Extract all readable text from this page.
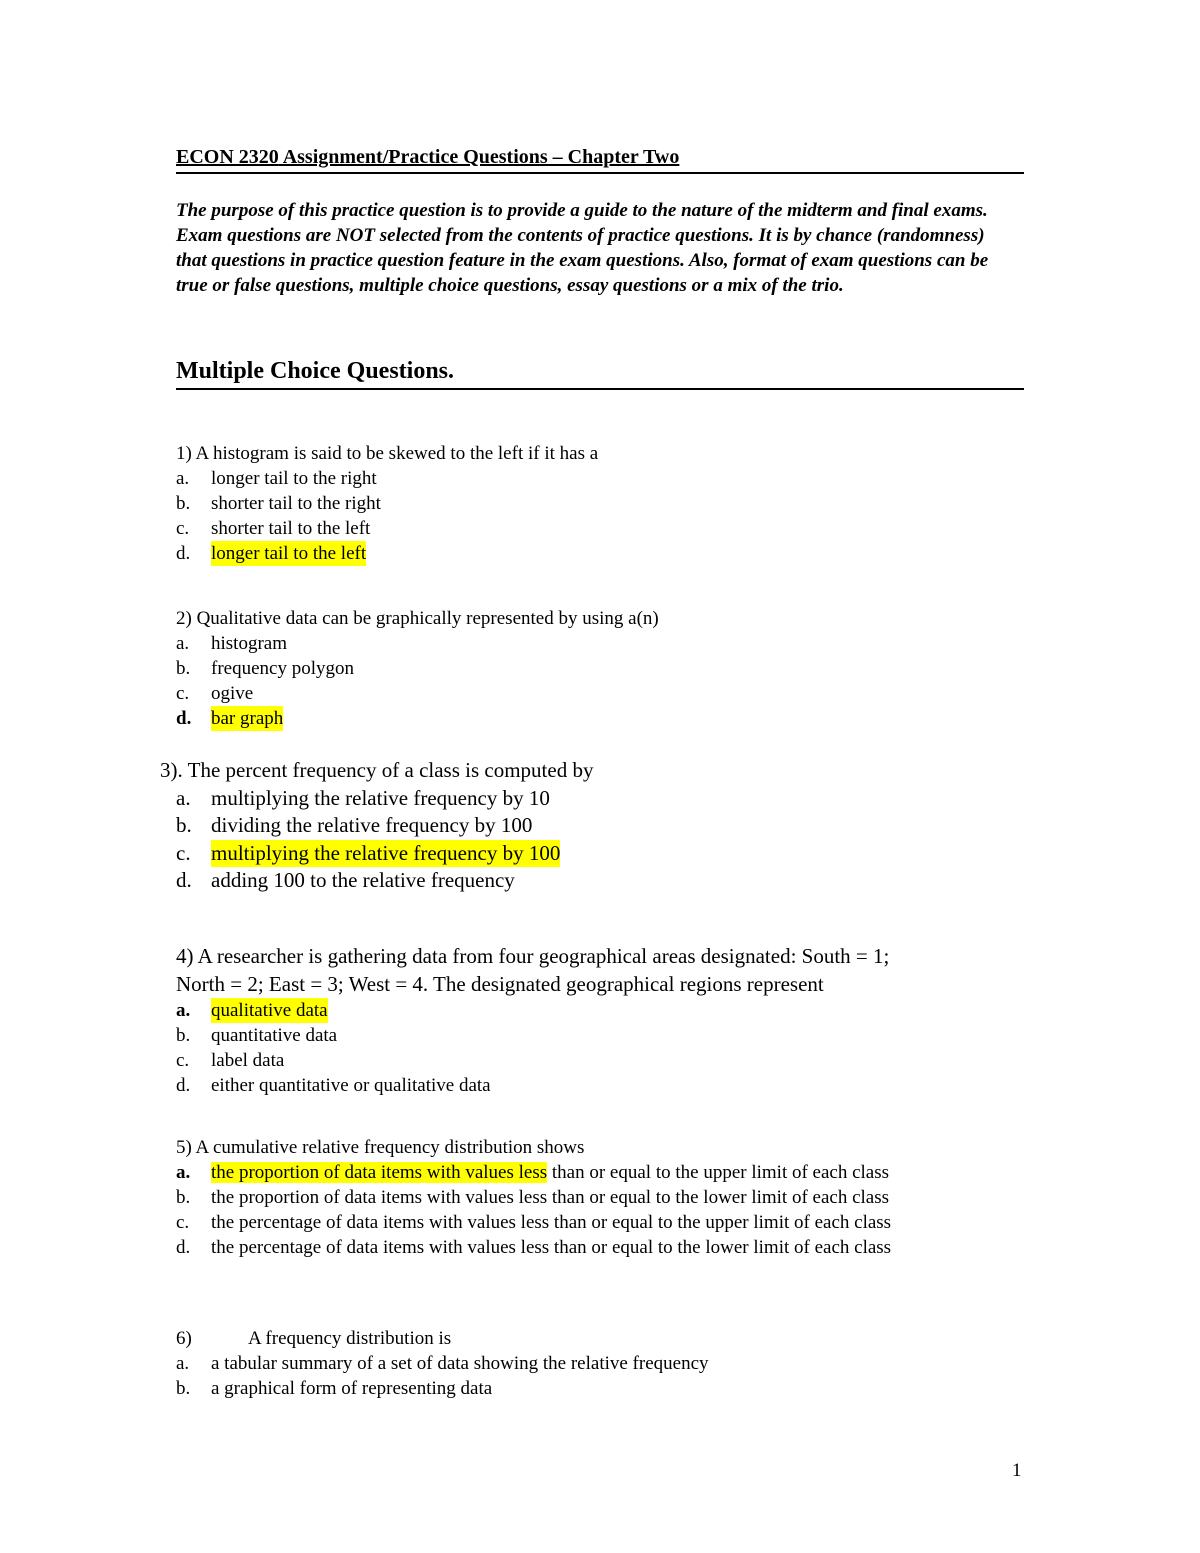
ECON 2320 Assignment/Practice Questions – Chapter Two
The purpose of this practice question is to provide a guide to the nature of the midterm and final exams. Exam questions are NOT selected from the contents of practice questions. It is by chance (randomness) that questions in practice question feature in the exam questions. Also, format of exam questions can be true or false questions, multiple choice questions, essay questions or a mix of the trio.
Multiple Choice Questions.
1) A histogram is said to be skewed to the left if it has a
a. longer tail to the right
b. shorter tail to the right
c. shorter tail to the left
d. longer tail to the left
2) Qualitative data can be graphically represented by using a(n)
a. histogram
b. frequency polygon
c. ogive
d. bar graph
3). The percent frequency of a class is computed by
a. multiplying the relative frequency by 10
b. dividing the relative frequency by 100
c. multiplying the relative frequency by 100
d. adding 100 to the relative frequency
4) A researcher is gathering data from four geographical areas designated: South = 1;
North = 2; East = 3; West = 4. The designated geographical regions represent
a. qualitative data
b. quantitative data
c. label data
d. either quantitative or qualitative data
5) A cumulative relative frequency distribution shows
a. the proportion of data items with values less than or equal to the upper limit of each class
b. the proportion of data items with values less than or equal to the lower limit of each class
c. the percentage of data items with values less than or equal to the upper limit of each class
d. the percentage of data items with values less than or equal to the lower limit of each class
6)	A frequency distribution is
a. a tabular summary of a set of data showing the relative frequency
b. a graphical form of representing data
1
